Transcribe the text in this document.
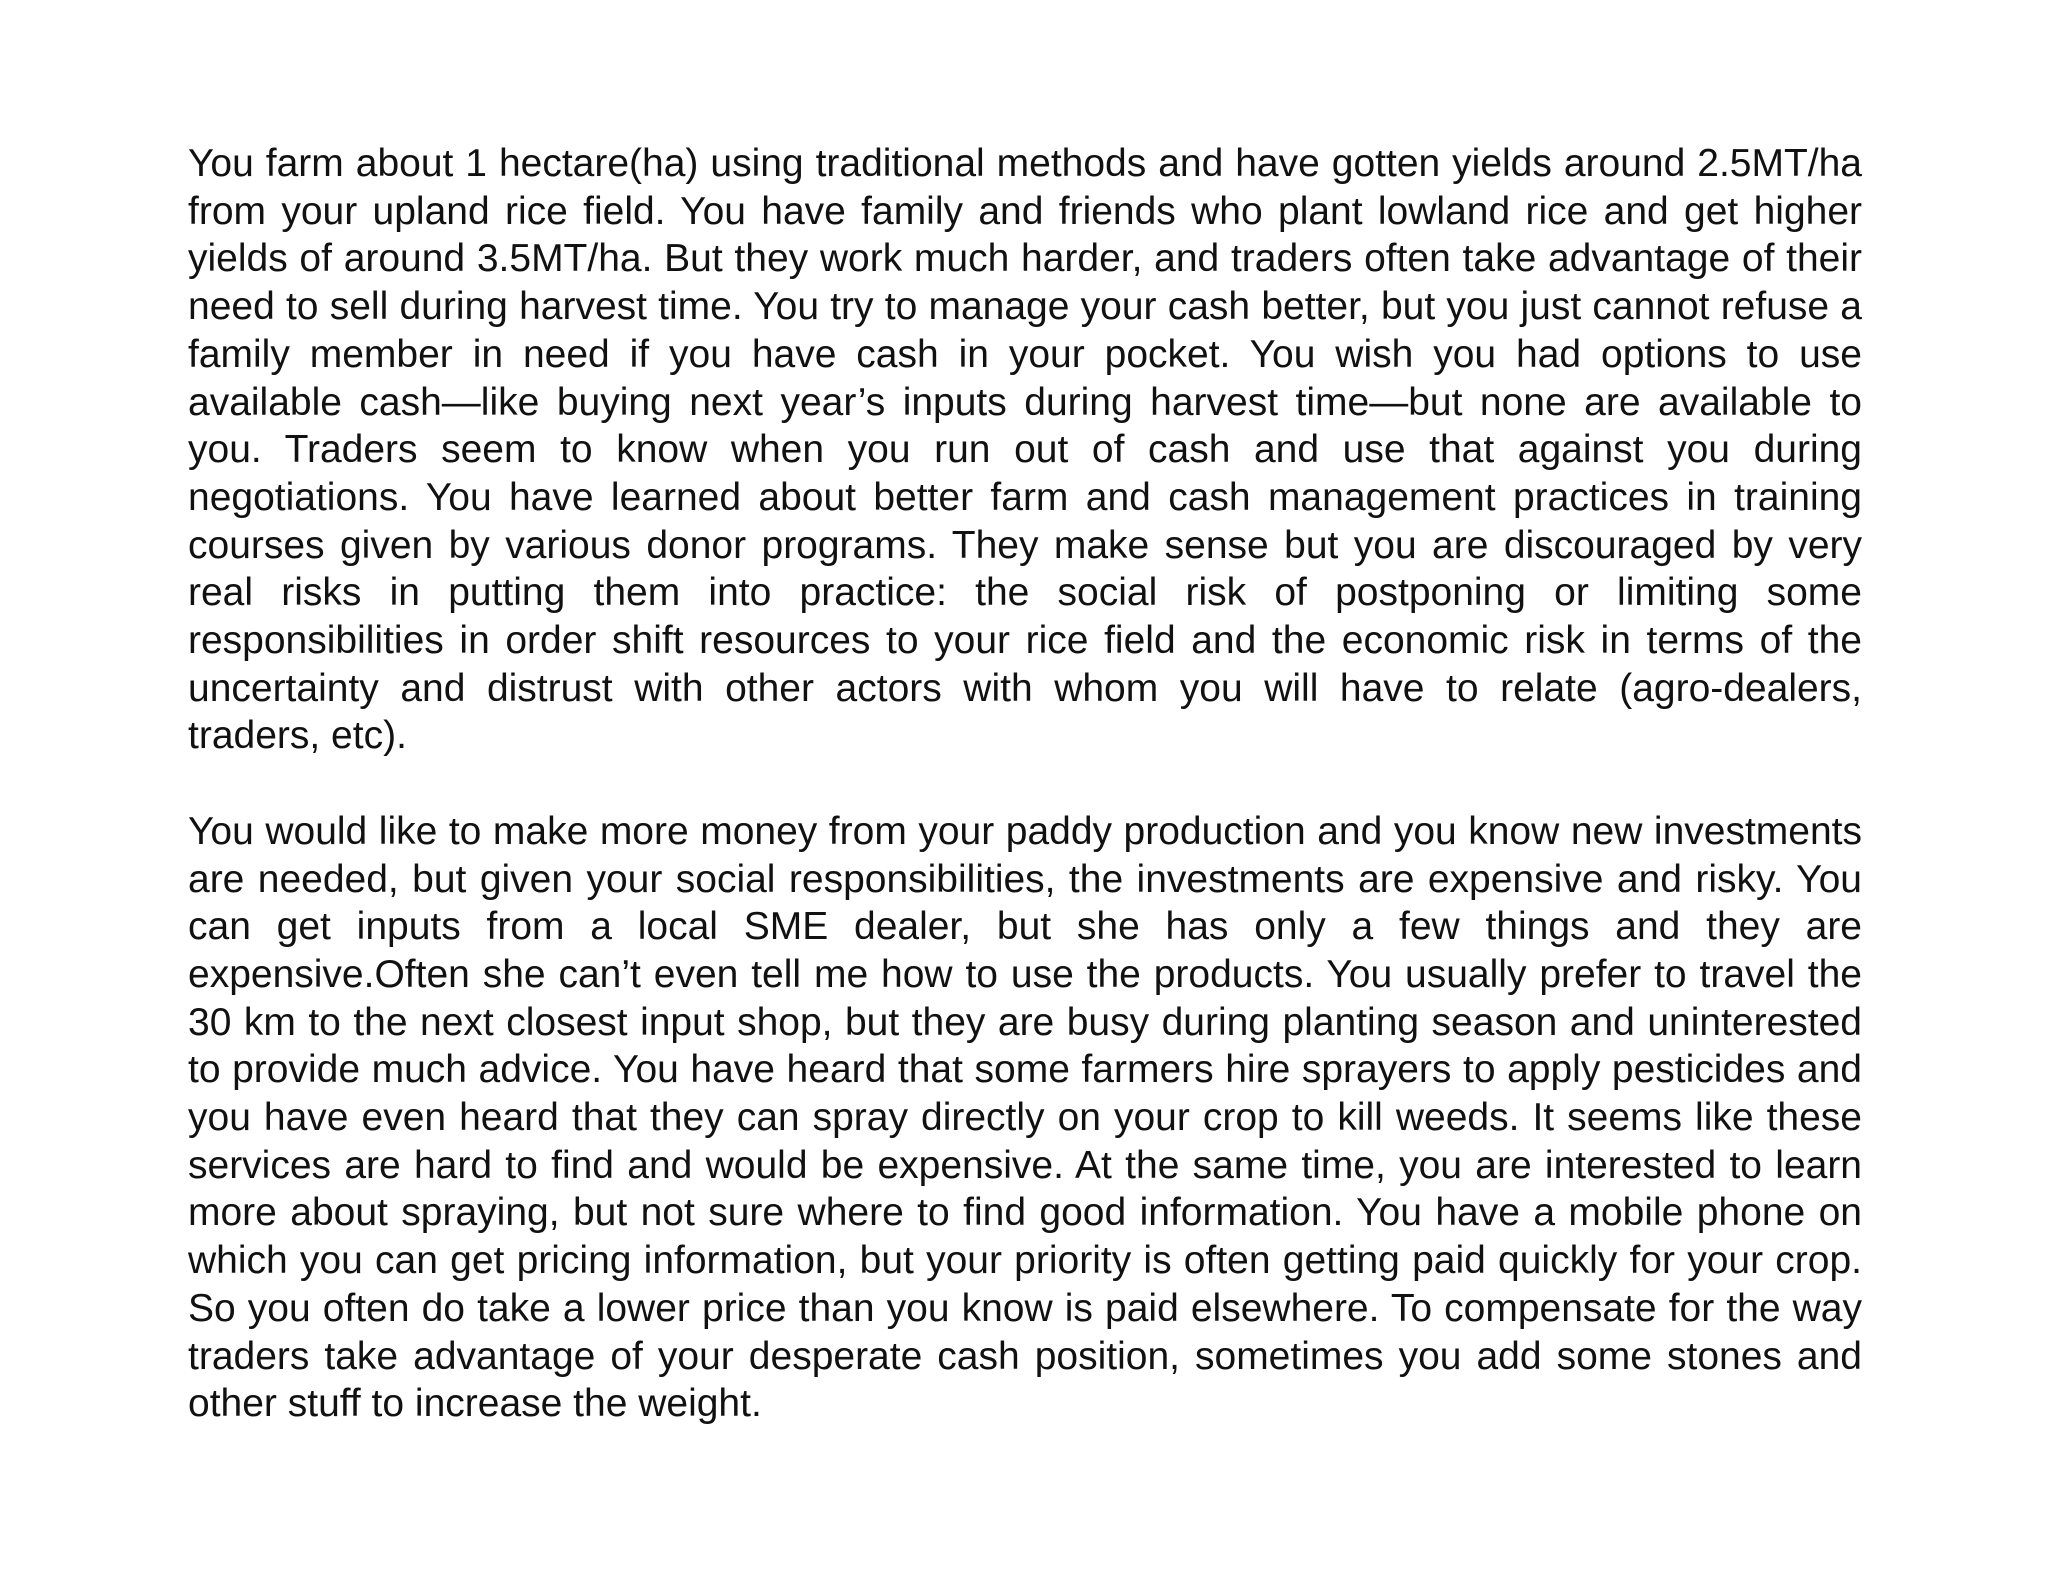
You farm about 1 hectare(ha) using traditional methods and have gotten yields around 2.5MT/ha from your upland rice field. You have family and friends who plant lowland rice and get higher yields of around 3.5MT/ha. But they work much harder, and traders often take advantage of their need to sell during harvest time. You try to manage your cash better, but you just cannot refuse a family member in need if you have cash in your pocket. You wish you had options to use available cash—like buying next year’s inputs during harvest time—but none are available to you. Traders seem to know when you run out of cash and use that against you during negotiations. You have learned about better farm and cash management practices in training courses given by various donor programs. They make sense but you are discouraged by very real risks in putting them into practice: the social risk of postponing or limiting some responsibilities in order shift resources to your rice field and the economic risk in terms of the uncertainty and distrust with other actors with whom you will have to relate (agro-dealers, traders, etc).

You would like to make more money from your paddy production and you know new investments are needed, but given your social responsibilities, the investments are expensive and risky. You can get inputs from a local SME dealer, but she has only a few things and they are expensive.Often she can’t even tell me how to use the products. You usually prefer to travel the 30 km to the next closest input shop, but they are busy during planting season and uninterested to provide much advice. You have heard that some farmers hire sprayers to apply pesticides and you have even heard that they can spray directly on your crop to kill weeds. It seems like these services are hard to find and would be expensive. At the same time, you are interested to learn more about spraying, but not sure where to find good information. You have a mobile phone on which you can get pricing information, but your priority is often getting paid quickly for your crop. So you often do take a lower price than you know is paid elsewhere. To compensate for the way traders take advantage of your desperate cash position, sometimes you add some stones and other stuff to increase the weight.
